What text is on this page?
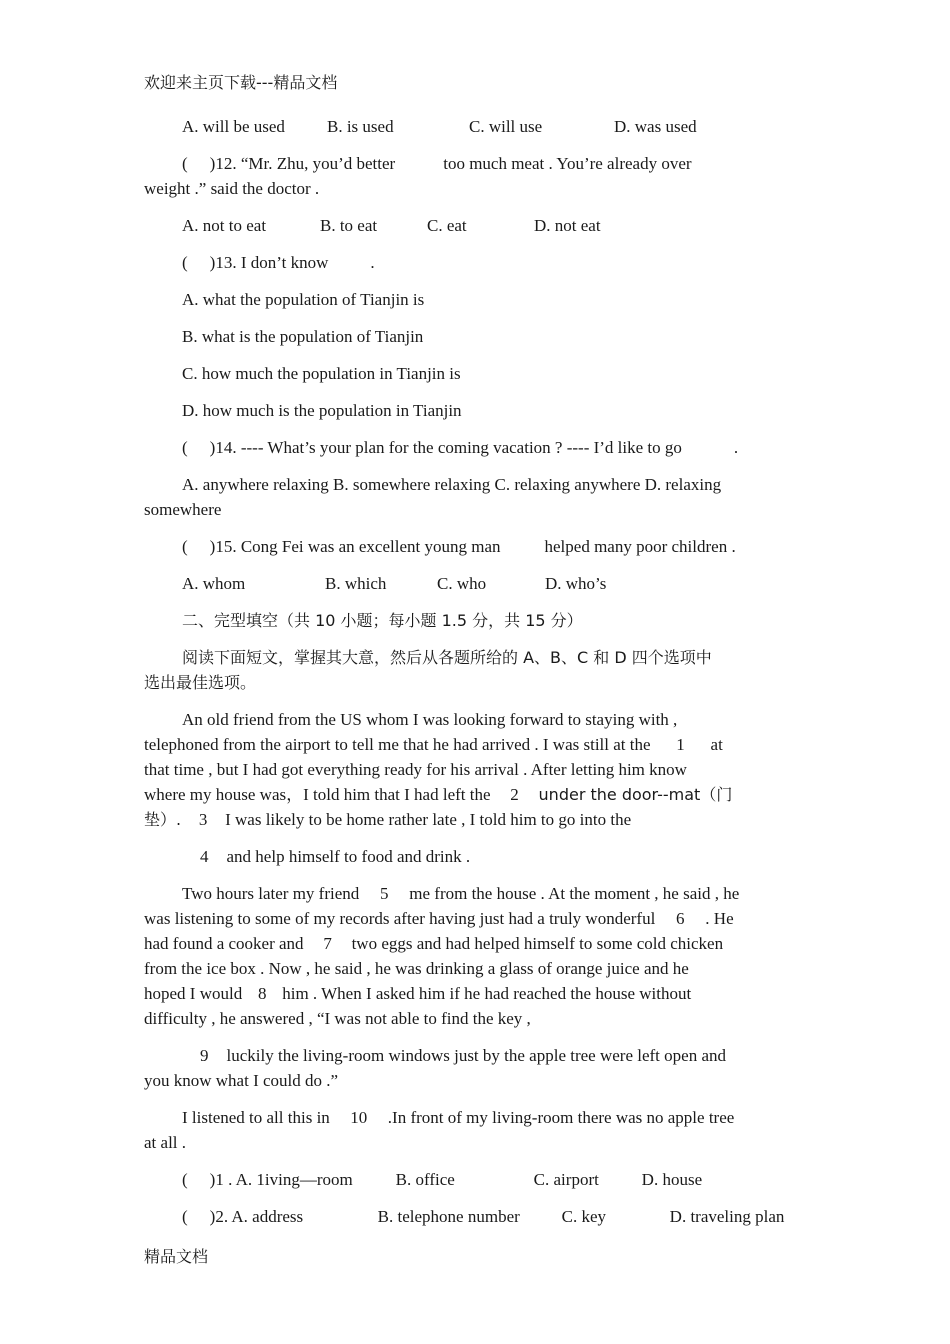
欢迎来主页下载---精品文档
A. will be used	B. is used	C. will use	D. was used
( )12. “Mr. Zhu, you’d better	too much meat . You’re already over
weight .” said the doctor .
A. not to eat	B. to eat	C. eat	D. not eat
( )13. I don’t know .
A. what the population of Tianjin is
B. what is the population of Tianjin
C. how much the population in Tianjin is
D. how much is the population in Tianjin
( )14. ---- What’s your plan for the coming vacation ? ---- I’d like to go	.
A. anywhere relaxing B. somewhere relaxing C. relaxing anywhere D. relaxing
somewhere
( )15. Cong Fei was an excellent young man	helped many poor children .
A. whom	B. which	C. who	D. who’s
二、完型填空（共 10 小题；每小题 1.5 分，共 15 分）
阅读下面短文，掌握其大意，然后从各题所给的 A、B、C 和 D 四个选项中
选出最佳选项。
An old friend from the US whom I was looking forward to staying with ,
telephoned from the airport to tell me that he had arrived . I was still at the 1 at
that time , but I had got everything ready for his arrival . After letting him know
where my house was，I told him that I had left the 2 under the door--mat（门
垫）. 3 I was likely to be home rather late , I told him to go into the
4 and help himself to food and drink .
Two hours later my friend 5 me from the house . At the moment , he said , he
was listening to some of my records after having just had a truly wonderful 6 . He
had found a cooker and 7 two eggs and had helped himself to some cold chicken
from the ice box . Now , he said , he was drinking a glass of orange juice and he
hoped I would 8 him . When I asked him if he had reached the house without
difficulty , he answered , “I was not able to find the key ,
9 luckily the living-room windows just by the apple tree were left open and
you know what I could do .”
I listened to all this in 10 .In front of my living-room there was no apple tree
at all .
( )1 . A. 1iving—room	B. office	C. airport	D. house
( )2. A. address	B. telephone number	C. key	D. traveling plan
精品文档
